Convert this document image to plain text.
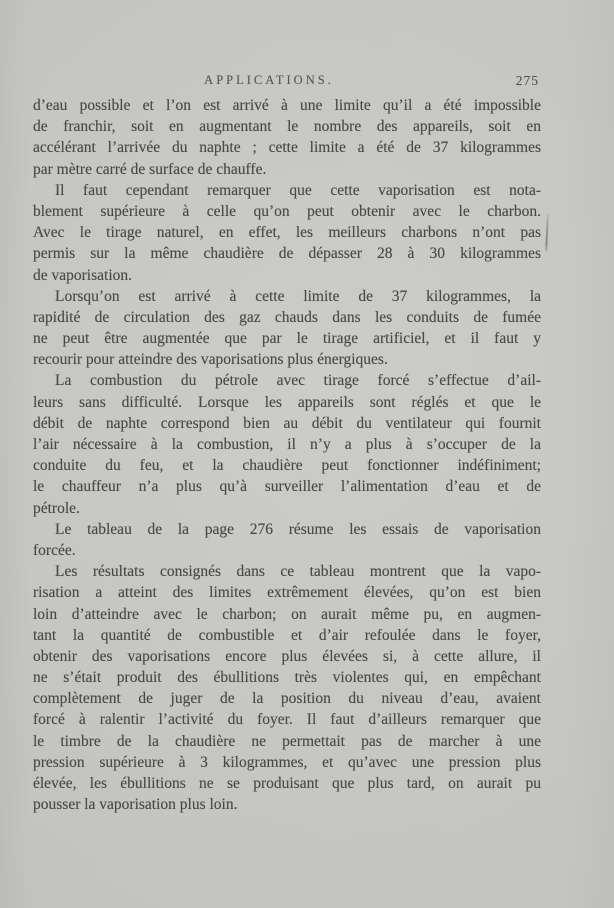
APPLICATIONS.	275
d’eau possible et l’on est arrivé à une limite qu’il a été impossible
de franchir, soit en augmentant le nombre des appareils, soit en
accélérant l’arrivée du naphte ; cette limite a été de 37 kilogrammes
par mètre carré de surface de chauffe.
Il faut cependant remarquer que cette vaporisation est nota-
blement supérieure à celle qu’on peut obtenir avec le charbon.
Avec le tirage naturel, en effet, les meilleurs charbons n’ont pas
permis sur la même chaudière de dépasser 28 à 30 kilogrammes
de vaporisation.
Lorsqu’on est arrivé à cette limite de 37 kilogrammes, la
rapidité de circulation des gaz chauds dans les conduits de fumée
ne peut être augmentée que par le tirage artificiel, et il faut y
recourir pour atteindre des vaporisations plus énergiques.
La combustion du pétrole avec tirage forcé s’effectue d’ail-
leurs sans difficulté. Lorsque les appareils sont réglés et que le
débit de naphte correspond bien au débit du ventilateur qui fournit
l’air nécessaire à la combustion, il n’y a plus à s’occuper de la
conduite du feu, et la chaudière peut fonctionner indéfiniment;
le chauffeur n’a plus qu’à surveiller l’alimentation d’eau et de
pétrole.
Le tableau de la page 276 résume les essais de vaporisation
forcée.
Les résultats consignés dans ce tableau montrent que la vapo-
risation a atteint des limites extrêmement élevées, qu’on est bien
loin d’atteindre avec le charbon; on aurait même pu, en augmen-
tant la quantité de combustible et d’air refoulée dans le foyer,
obtenir des vaporisations encore plus élevées si, à cette allure, il
ne s’était produit des ébullitions très violentes qui, en empêchant
complètement de juger de la position du niveau d’eau, avaient
forcé à ralentir l’activité du foyer. Il faut d’ailleurs remarquer que
le timbre de la chaudière ne permettait pas de marcher à une
pression supérieure à 3 kilogrammes, et qu’avec une pression plus
élevée, les ébullitions ne se produisant que plus tard, on aurait pu
pousser la vaporisation plus loin.
